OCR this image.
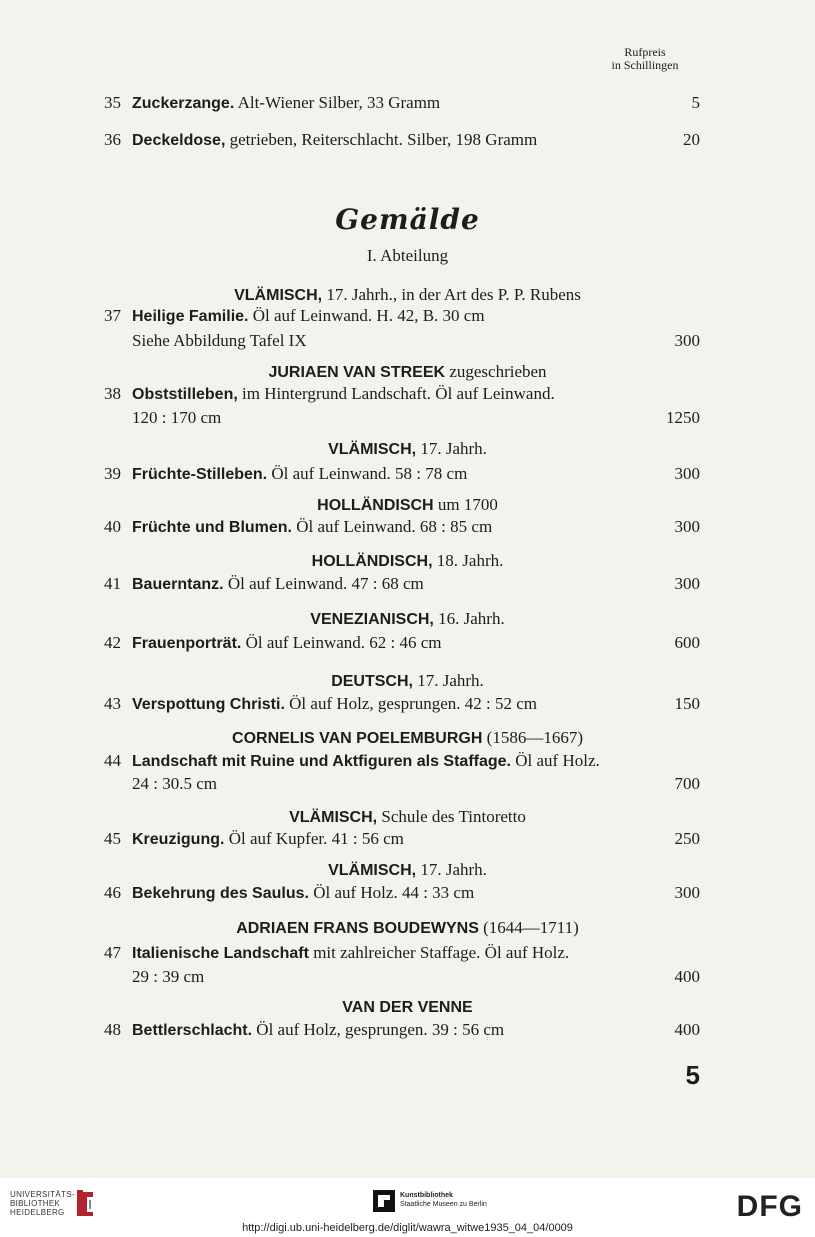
Rufpreis
in Schillingen
35 Zuckerzange. Alt-Wiener Silber, 33 Gramm	5
36 Deckeldose, getrieben, Reiterschlacht. Silber, 198 Gramm	20
Gemälde
I. Abteilung
VLÄMISCH, 17. Jahrh., in der Art des P. P. Rubens
37 Heilige Familie. Öl auf Leinwand. H. 42, B. 30 cm
Siehe Abbildung Tafel IX	300
JURIAEN VAN STREEK zugeschrieben
38 Obststilleben, im Hintergrund Landschaft. Öl auf Leinwand.
120 : 170 cm	1250
VLÄMISCH, 17. Jahrh.
39 Früchte-Stilleben. Öl auf Leinwand. 58 : 78 cm	300
HOLLÄNDISCH um 1700
40 Früchte und Blumen. Öl auf Leinwand. 68 : 85 cm	300
HOLLÄNDISCH, 18. Jahrh.
41 Bauerntanz. Öl auf Leinwand. 47 : 68 cm	300
VENEZIANISCH, 16. Jahrh.
42 Frauenporträt. Öl auf Leinwand. 62 : 46 cm	600
DEUTSCH, 17. Jahrh.
43 Verspottung Christi. Öl auf Holz, gesprungen. 42 : 52 cm	150
CORNELIS VAN POELEMBURGH (1586—1667)
44 Landschaft mit Ruine und Aktfiguren als Staffage. Öl auf Holz.
24 : 30.5 cm	700
VLÄMISCH, Schule des Tintoretto
45 Kreuzigung. Öl auf Kupfer. 41 : 56 cm	250
VLÄMISCH, 17. Jahrh.
46 Bekehrung des Saulus. Öl auf Holz. 44 : 33 cm	300
ADRIAEN FRANS BOUDEWYNS (1644—1711)
47 Italienische Landschaft mit zahlreicher Staffage. Öl auf Holz.
29 : 39 cm	400
VAN DER VENNE
48 Bettlerschlacht. Öl auf Holz, gesprungen. 39 : 56 cm	400
5
UNIVERSITÄTS-
BIBLIOTHEK
HEIDELBERG
Kunstbibliothek
Staatliche Museen zu Berlin	DFG
http://digi.ub.uni-heidelberg.de/diglit/wawra_witwe1935_04_04/0009
